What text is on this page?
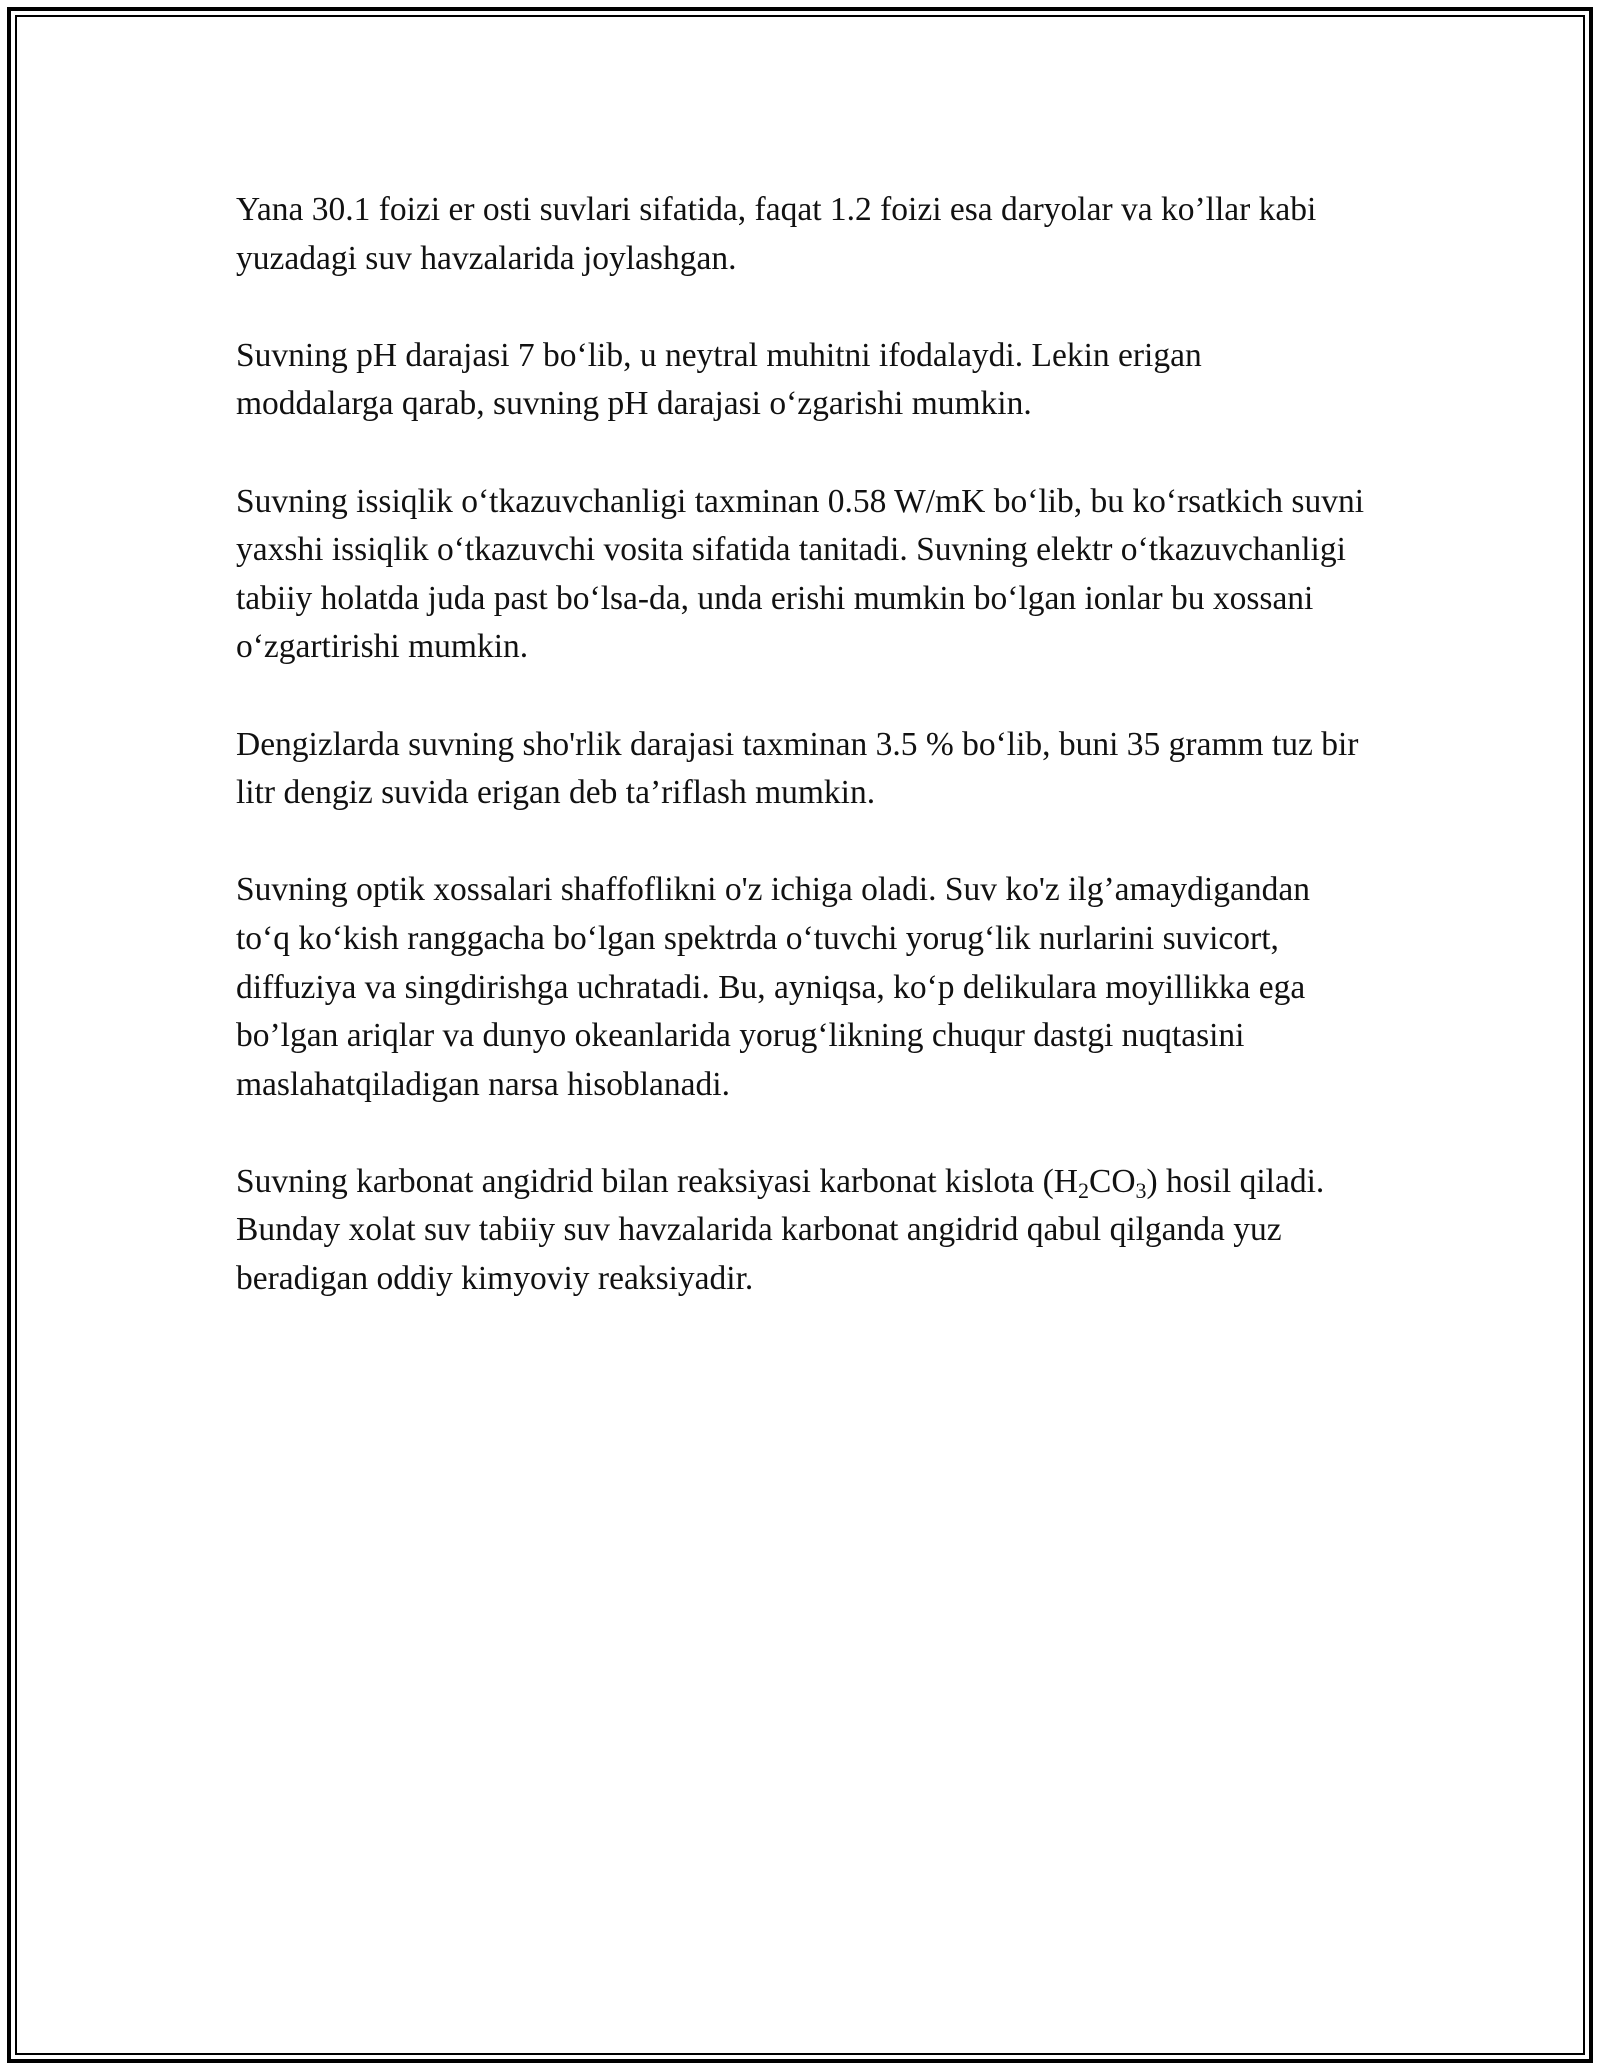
Yana 30.1 foizi er osti suvlari sifatida, faqat 1.2 foizi esa daryolar va ko’llar kabi yuzadagi suv havzalarida joylashgan.

Suvning pH darajasi 7 bo‘lib, u neytral muhitni ifodalaydi. Lekin erigan moddalarga qarab, suvning pH darajasi o‘zgarishi mumkin.

Suvning issiqlik o‘tkazuvchanligi taxminan 0.58 W/mK bo‘lib, bu ko‘rsatkich suvni yaxshi issiqlik o‘tkazuvchi vosita sifatida tanitadi. Suvning elektr o‘tkazuvchanligi tabiiy holatda juda past bo‘lsa-da, unda erishi mumkin bo‘lgan ionlar bu xossani o‘zgartirishi mumkin.

Dengizlarda suvning sho'rlik darajasi taxminan 3.5 % bo‘lib, buni 35 gramm tuz bir litr dengiz suvida erigan deb ta’riflash mumkin.

Suvning optik xossalari shaffoflikni o'z ichiga oladi. Suv ko'z ilg’amaydigandan to‘q ko‘kish ranggacha bo‘lgan spektrda o‘tuvchi yorug‘lik nurlarini suvicort, diffuziya va singdirishga uchratadi. Bu, ayniqsa, ko‘p delikulara moyillikka ega bo’lgan ariqlar va dunyo okeanlarida yorug‘likning chuqur dastgi nuqtasini maslahatqiladigan narsa hisoblanadi.

Suvning karbonat angidrid bilan reaksiyasi karbonat kislota $(H_2CO_3)$ hosil qiladi. Bunday xolat suv tabiiy suv havzalarida karbonat angidrid qabul qilganda yuz beradigan oddiy kimyoviy reaksiyadir.
